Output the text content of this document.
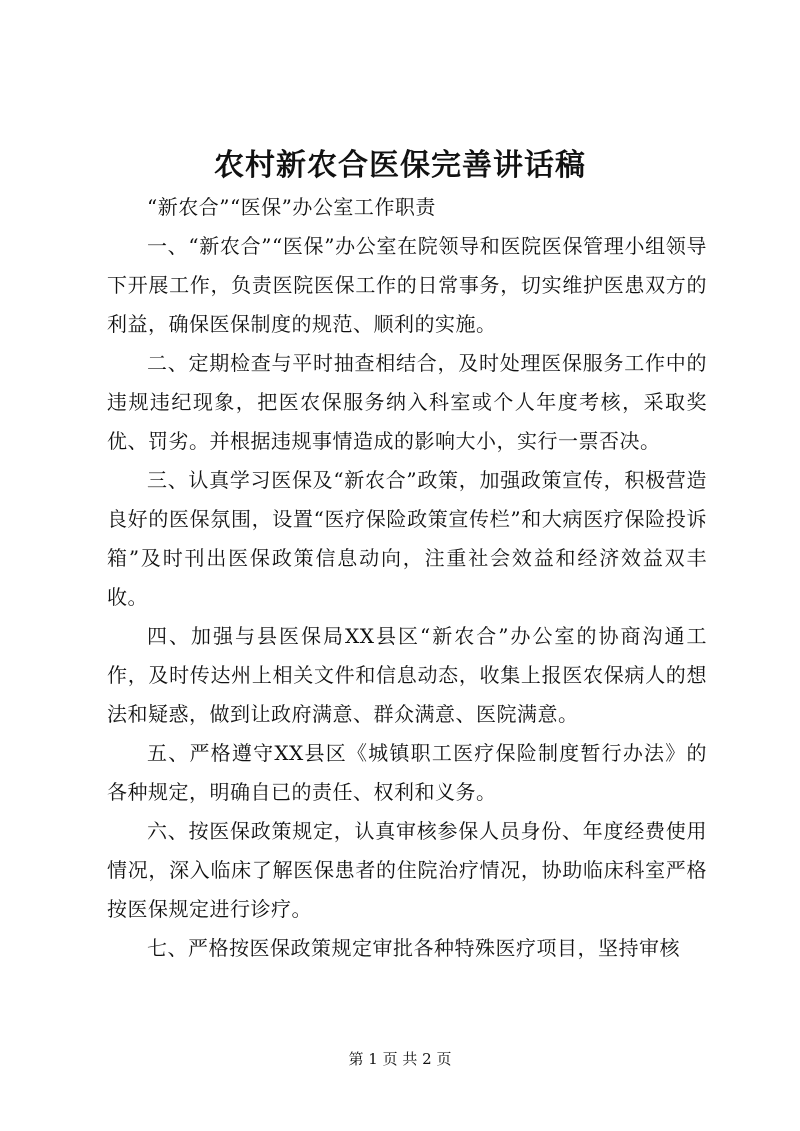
农村新农合医保完善讲话稿

“新农合”“医保”办公室工作职责

一、“新农合”“医保”办公室在院领导和医院医保管理小组领导下开展工作，负责医院医保工作的日常事务，切实维护医患双方的利益，确保医保制度的规范、顺利的实施。

二、定期检查与平时抽查相结合，及时处理医保服务工作中的违规违纪现象，把医农保服务纳入科室或个人年度考核，采取奖优、罚劣。并根据违规事情造成的影响大小，实行一票否决。

三、认真学习医保及“新农合”政策，加强政策宣传，积极营造良好的医保氛围，设置“医疗保险政策宣传栏”和大病医疗保险投诉箱”及时刊出医保政策信息动向，注重社会效益和经济效益双丰收。

四、加强与县医保局XX县区“新农合”办公室的协商沟通工作，及时传达州上相关文件和信息动态，收集上报医农保病人的想法和疑惑，做到让政府满意、群众满意、医院满意。

五、严格遵守XX县区《城镇职工医疗保险制度暂行办法》的各种规定，明确自已的责任、权利和义务。

六、按医保政策规定，认真审核参保人员身份、年度经费使用情况，深入临床了解医保患者的住院治疗情况，协助临床科室严格按医保规定进行诊疗。

七、严格按医保政策规定审批各种特殊医疗项目，坚持审核

第 1 页 共 2 页
